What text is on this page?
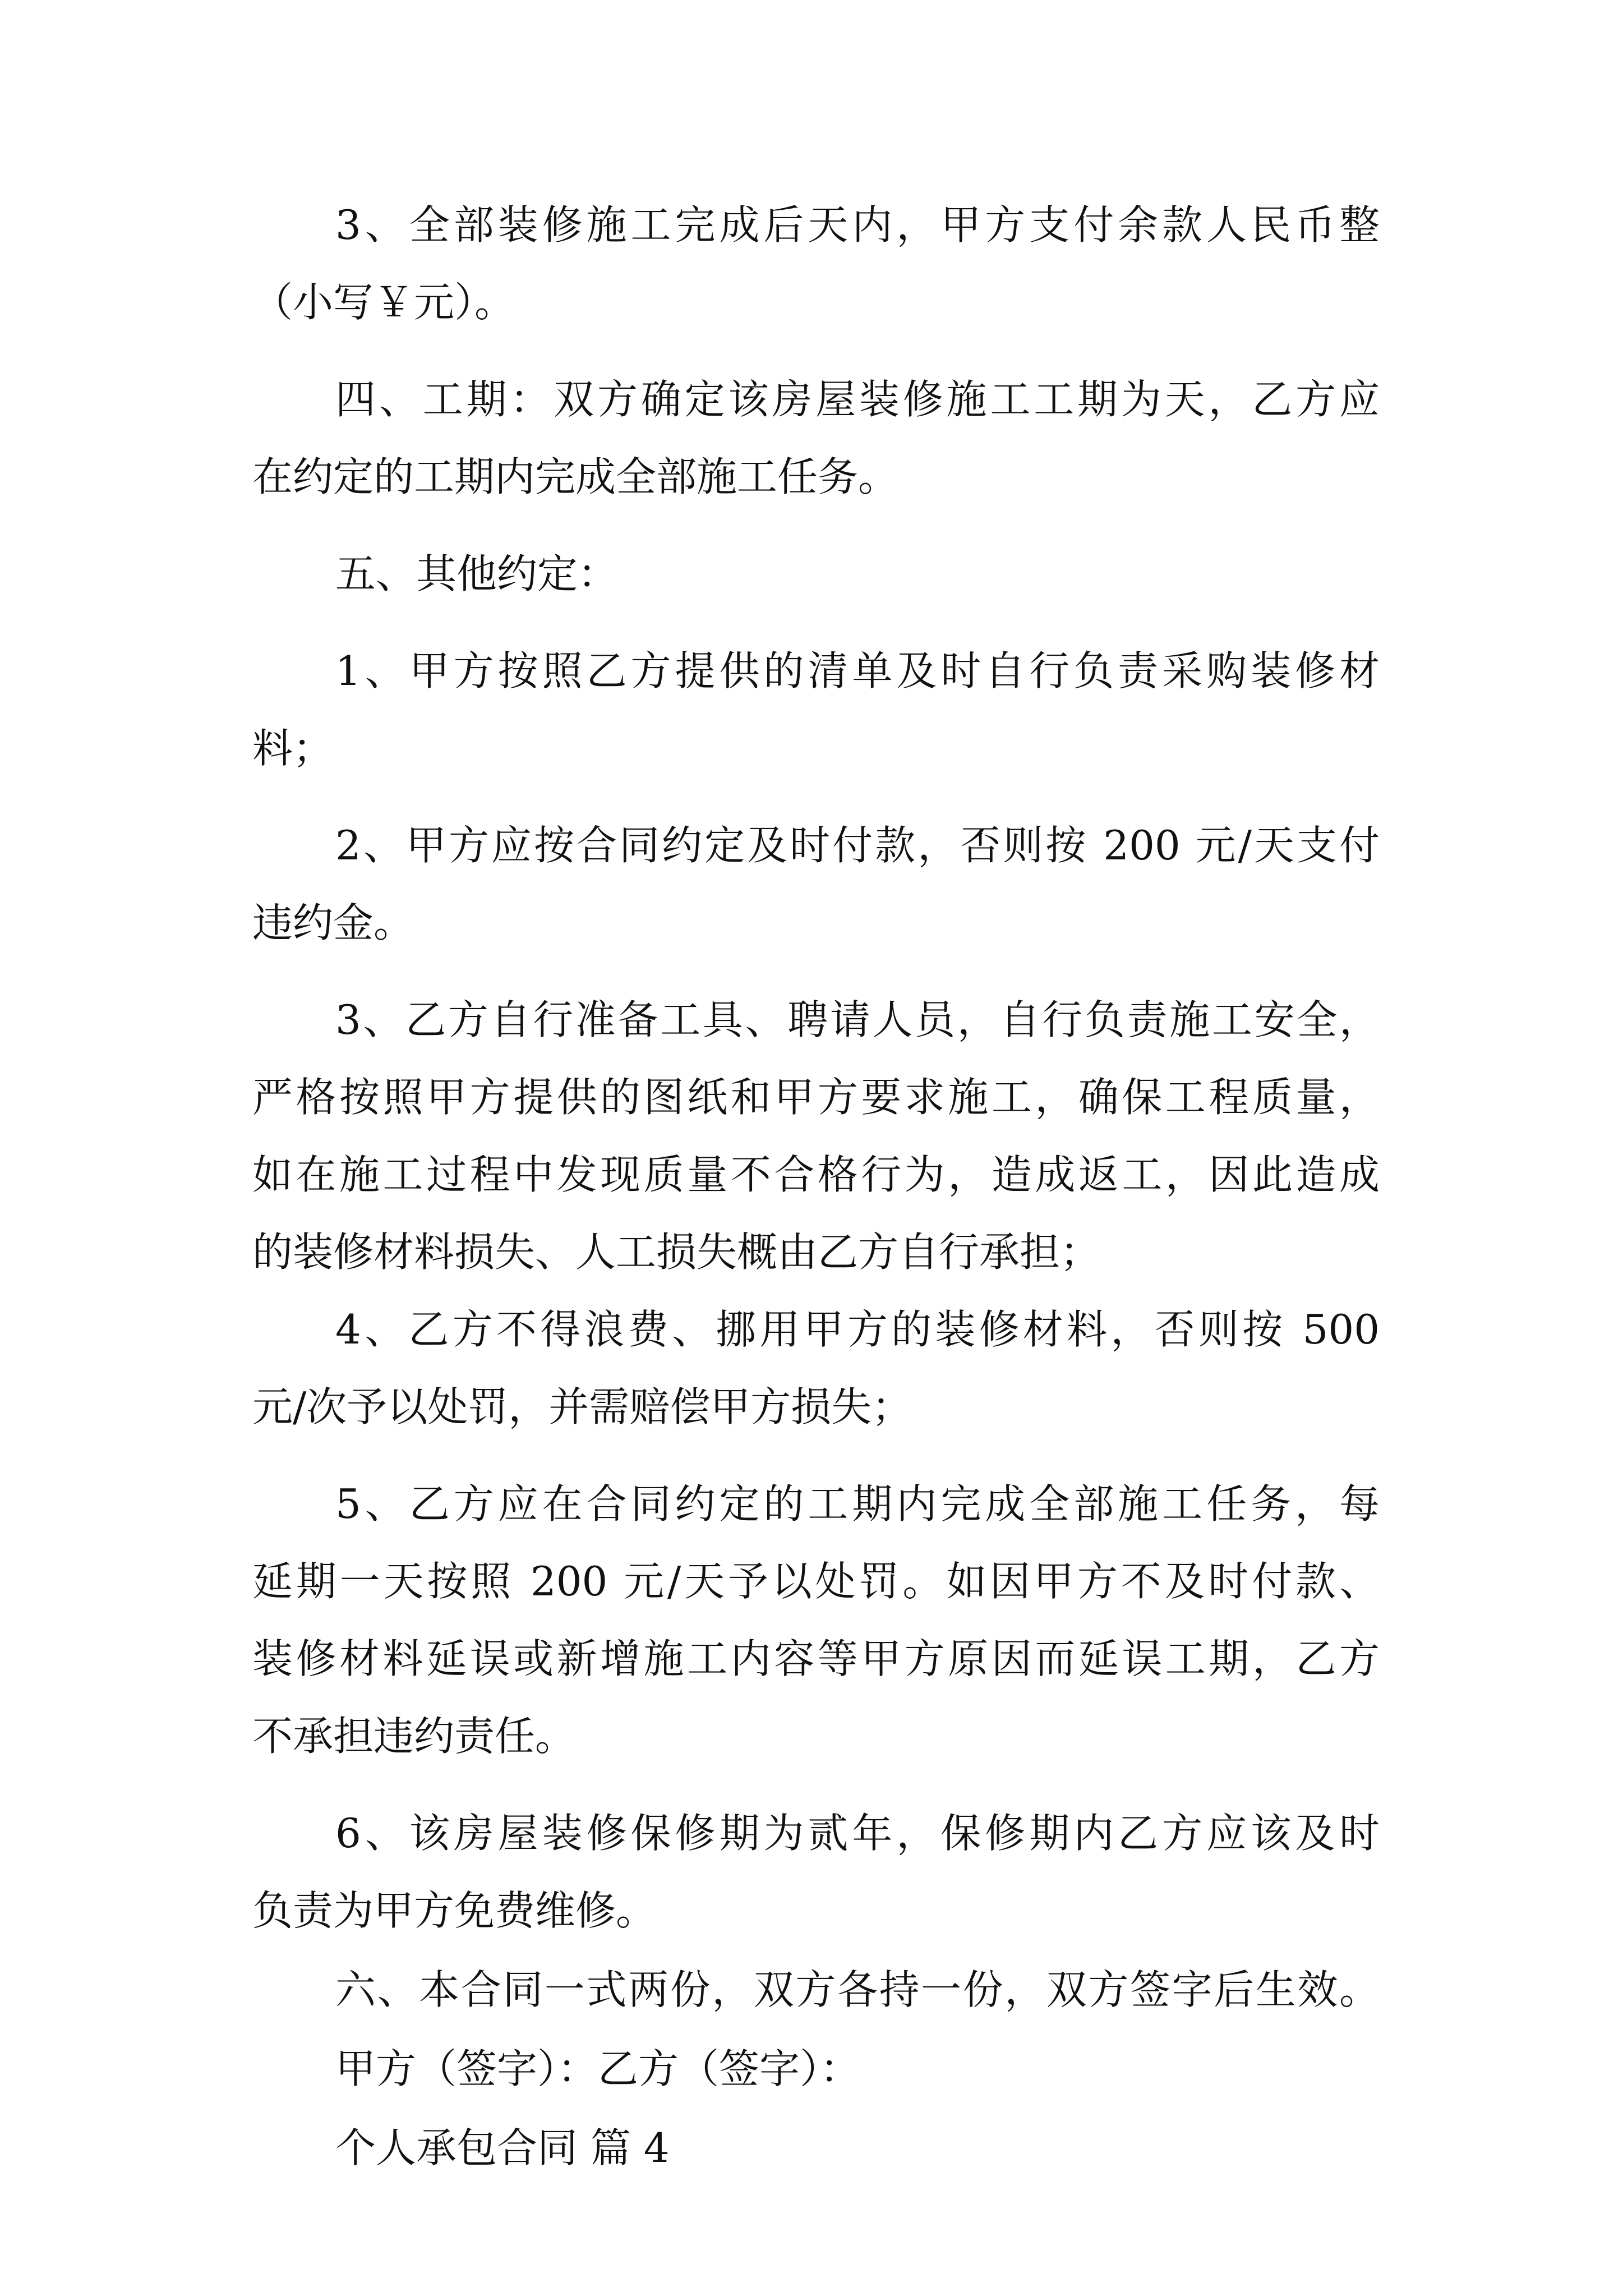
3、全部装修施工完成后天内，甲方支付余款人民币整
（小写￥元）。
四、工期：双方确定该房屋装修施工工期为天，乙方应
在约定的工期内完成全部施工任务。
五、其他约定：
1、甲方按照乙方提供的清单及时自行负责采购装修材
料；
2、甲方应按合同约定及时付款，否则按 200 元/天支付
违约金。
3、乙方自行准备工具、聘请人员，自行负责施工安全，
严格按照甲方提供的图纸和甲方要求施工，确保工程质量，
如在施工过程中发现质量不合格行为，造成返工，因此造成
的装修材料损失、人工损失概由乙方自行承担；
4、乙方不得浪费、挪用甲方的装修材料，否则按 500
元/次予以处罚，并需赔偿甲方损失；
5、乙方应在合同约定的工期内完成全部施工任务，每
延期一天按照 200 元/天予以处罚。如因甲方不及时付款、
装修材料延误或新增施工内容等甲方原因而延误工期，乙方
不承担违约责任。
6、该房屋装修保修期为贰年，保修期内乙方应该及时
负责为甲方免费维修。
六、本合同一式两份，双方各持一份，双方签字后生效。
甲方（签字）：乙方（签字）：
个人承包合同 篇 4
